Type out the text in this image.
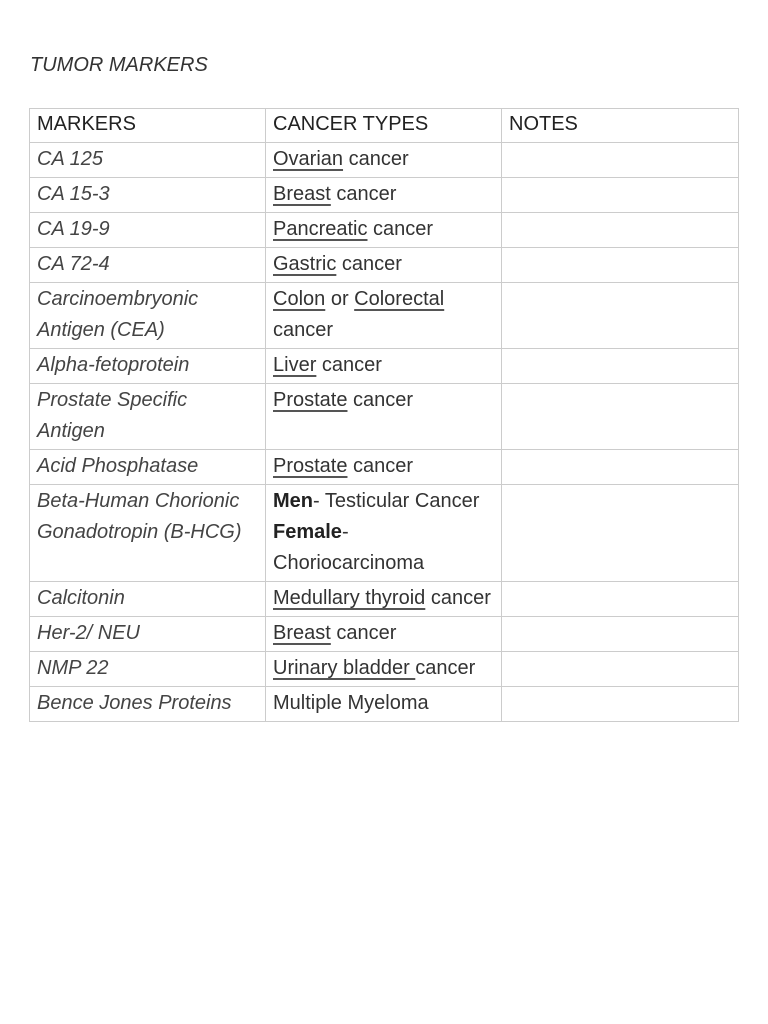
TUMOR MARKERS
MARKERS	CANCER TYPES	NOTES
CA 125	Ovarian cancer	
CA 15-3	Breast cancer	
CA 19-9	Pancreatic cancer	
CA 72-4	Gastric cancer	
Carcinoembryonic Antigen (CEA)	Colon or Colorectal cancer	
Alpha-fetoprotein	Liver cancer	
Prostate Specific Antigen	Prostate cancer	
Acid Phosphatase	Prostate cancer	
Beta-Human Chorionic Gonadotropin (B-HCG)	Men- Testicular Cancer
Female- Choriocarcinoma	
Calcitonin	Medullary thyroid cancer	
Her-2/ NEU	Breast cancer	
NMP 22	Urinary bladder cancer	
Bence Jones Proteins	Multiple Myeloma	
